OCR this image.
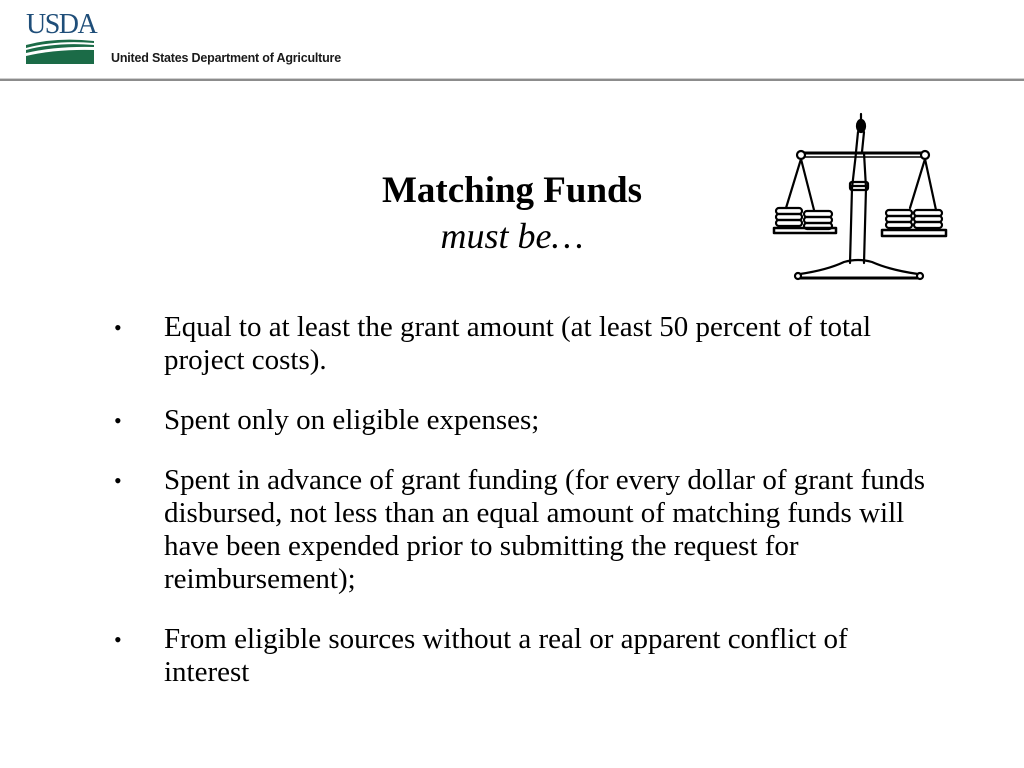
USDA
United States Department of Agriculture
Matching Funds
must be…
• Equal to at least the grant amount (at least 50 percent of total project costs).
• Spent only on eligible expenses;
• Spent in advance of grant funding (for every dollar of grant funds disbursed, not less than an equal amount of matching funds will have been expended prior to submitting the request for reimbursement);
• From eligible sources without a real or apparent conflict of interest
